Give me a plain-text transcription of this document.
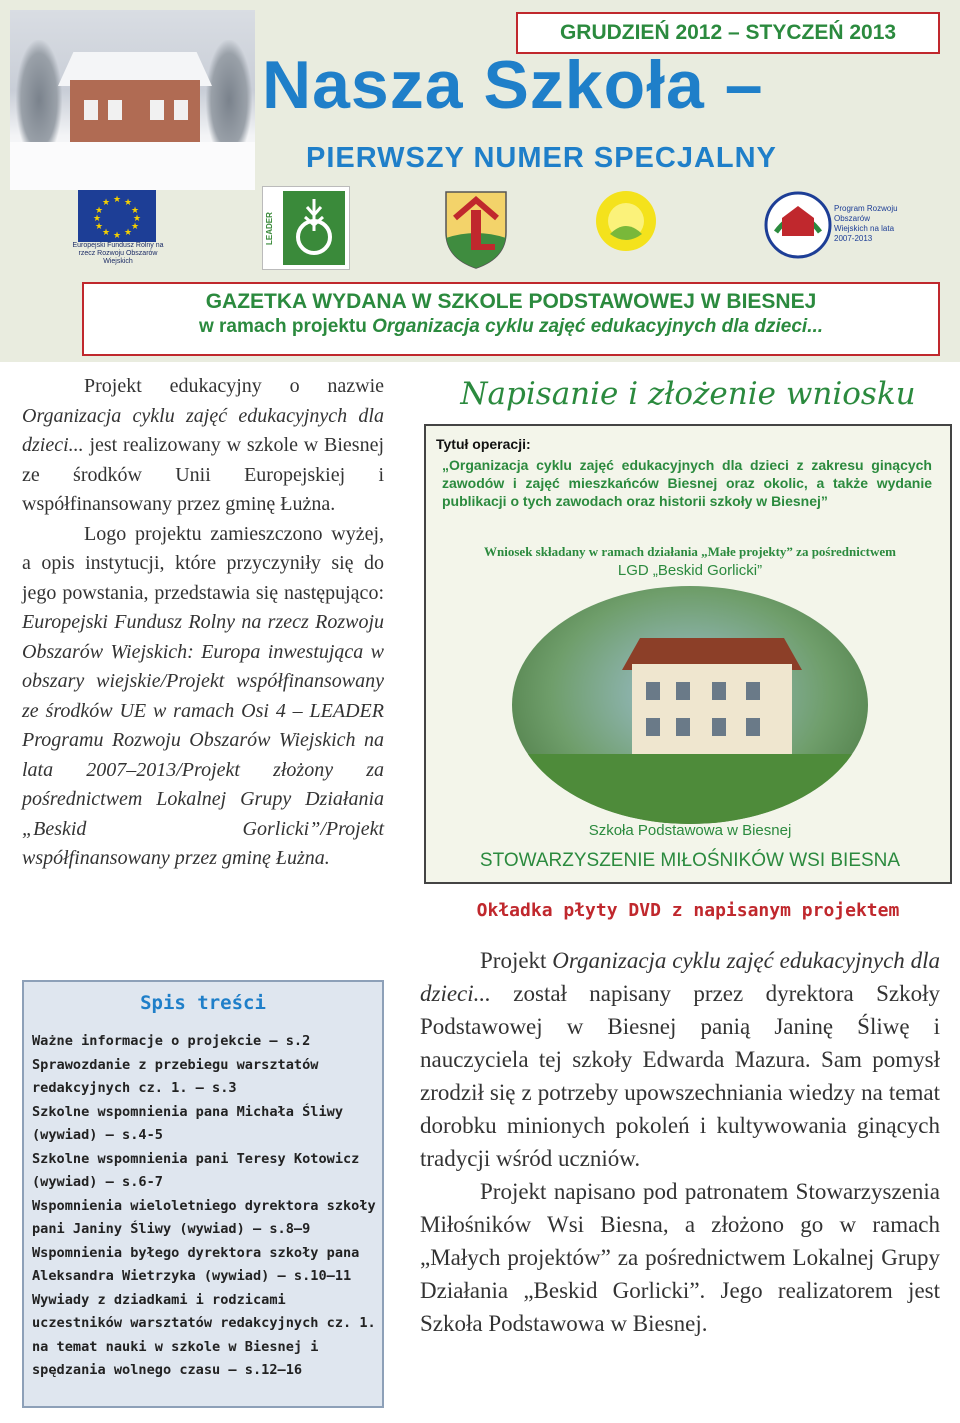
GRUDZIEŃ 2012 – STYCZEŃ 2013
Nasza Szkoła –
PIERWSZY NUMER SPECJALNY
★ ★
★
★
★
★
★
★
★
★
★
★
Europejski Fundusz Rolny na rzecz Rozwoju Obszarów Wiejskich
LEADER
Program Rozwoju Obszarów Wiejskich na lata 2007-2013
GAZETKA WYDANA W SZKOLE PODSTAWOWEJ W BIESNEJ
w ramach projektu Organizacja cyklu zajęć edukacyjnych dla dzieci...

Projekt edukacyjny o nazwie Organizacja cyklu zajęć edukacyjnych dla dzieci... jest realizowany w szkole w Biesnej ze środków Unii Europejskiej i współfinansowany przez gminę Łużna.

Logo projektu zamieszczono wyżej, a opis instytucji, które przyczyniły się do jego powstania, przedstawia się następująco: Europejski Fundusz Rolny na rzecz Rozwoju Obszarów Wiejskich: Europa inwestująca w obszary wiejskie/Projekt współfinansowany ze środków UE w ramach Osi 4 – LEADER Programu Rozwoju Obszarów Wiejskich na lata 2007–2013/Projekt złożony za pośrednictwem Lokalnej Grupy Działania „Beskid Gorlicki”/Projekt współfinansowany przez gminę Łużna.

Spis treści
Ważne informacje o projekcie — s.2
Sprawozdanie z przebiegu warsztatów redakcyjnych cz. 1. — s.3
Szkolne wspomnienia pana Michała Śliwy (wywiad) — s.4-5
Szkolne wspomnienia pani Teresy Kotowicz (wywiad) — s.6-7
Wspomnienia wieloletniego dyrektora szkoły pani Janiny Śliwy (wywiad) — s.8–9
Wspomnienia byłego dyrektora szkoły pana Aleksandra Wietrzyka (wywiad) — s.10–11
Wywiady z dziadkami i rodzicami uczestników warsztatów redakcyjnych cz. 1. na temat nauki w szkole w Biesnej i spędzania wolnego czasu — s.12–16
Napisanie i złożenie wniosku
Tytuł operacji:
„Organizacja cyklu zajęć edukacyjnych dla dzieci z zakresu ginących zawodów i zajęć mieszkańców Biesnej oraz okolic, a także wydanie publikacji o tych zawodach oraz historii szkoły w Biesnej”
Wniosek składany w ramach działania „Małe projekty” za pośrednictwem
LGD „Beskid Gorlicki”
Szkoła Podstawowa w Biesnej
STOWARZYSZENIE MIŁOŚNIKÓW WSI BIESNA
Okładka płyty DVD z napisanym projektem

Projekt Organizacja cyklu zajęć edukacyjnych dla dzieci... został napisany przez dyrektora Szkoły Podstawowej w Biesnej panią Janinę Śliwę i nauczyciela tej szkoły Edwarda Mazura. Sam pomysł zrodził się z potrzeby upowszechniania wiedzy na temat dorobku minionych pokoleń i kultywowania ginących tradycji wśród uczniów.

Projekt napisano pod patronatem Stowarzyszenia Miłośników Wsi Biesna, a złożono go w ramach „Małych projektów” za pośrednictwem Lokalnej Grupy Działania „Beskid Gorlicki”. Jego realizatorem jest Szkoła Podstawowa w Biesnej.
